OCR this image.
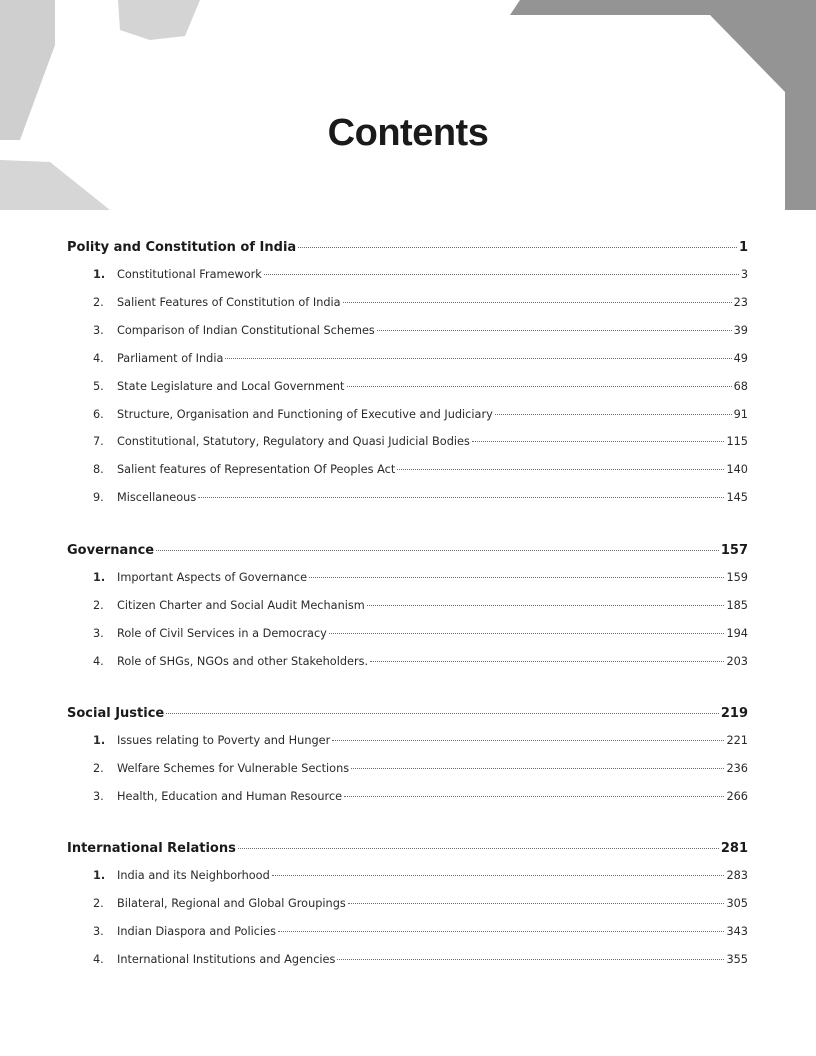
Contents
Polity and Constitution of India	1
1.	Constitutional Framework	3
2.	Salient Features of Constitution of India	23
3.	Comparison of Indian Constitutional Schemes	39
4.	Parliament of India	49
5.	State Legislature and Local Government	68
6.	Structure, Organisation and Functioning of Executive and Judiciary	91
7.	Constitutional, Statutory, Regulatory and Quasi Judicial Bodies	115
8.	Salient features of Representation Of Peoples Act	140
9.	Miscellaneous	145
Governance	157
1.	Important Aspects of Governance	159
2.	Citizen Charter and Social Audit Mechanism	185
3.	Role of Civil Services in a Democracy	194
4.	Role of SHGs, NGOs and other Stakeholders.	203
Social Justice	219
1.	Issues relating to Poverty and Hunger	221
2.	Welfare Schemes for Vulnerable Sections	236
3.	Health, Education and Human Resource	266
International Relations	281
1.	India and its Neighborhood	283
2.	Bilateral, Regional and Global Groupings	305
3.	Indian Diaspora and Policies	343
4.	International Institutions and Agencies	355
